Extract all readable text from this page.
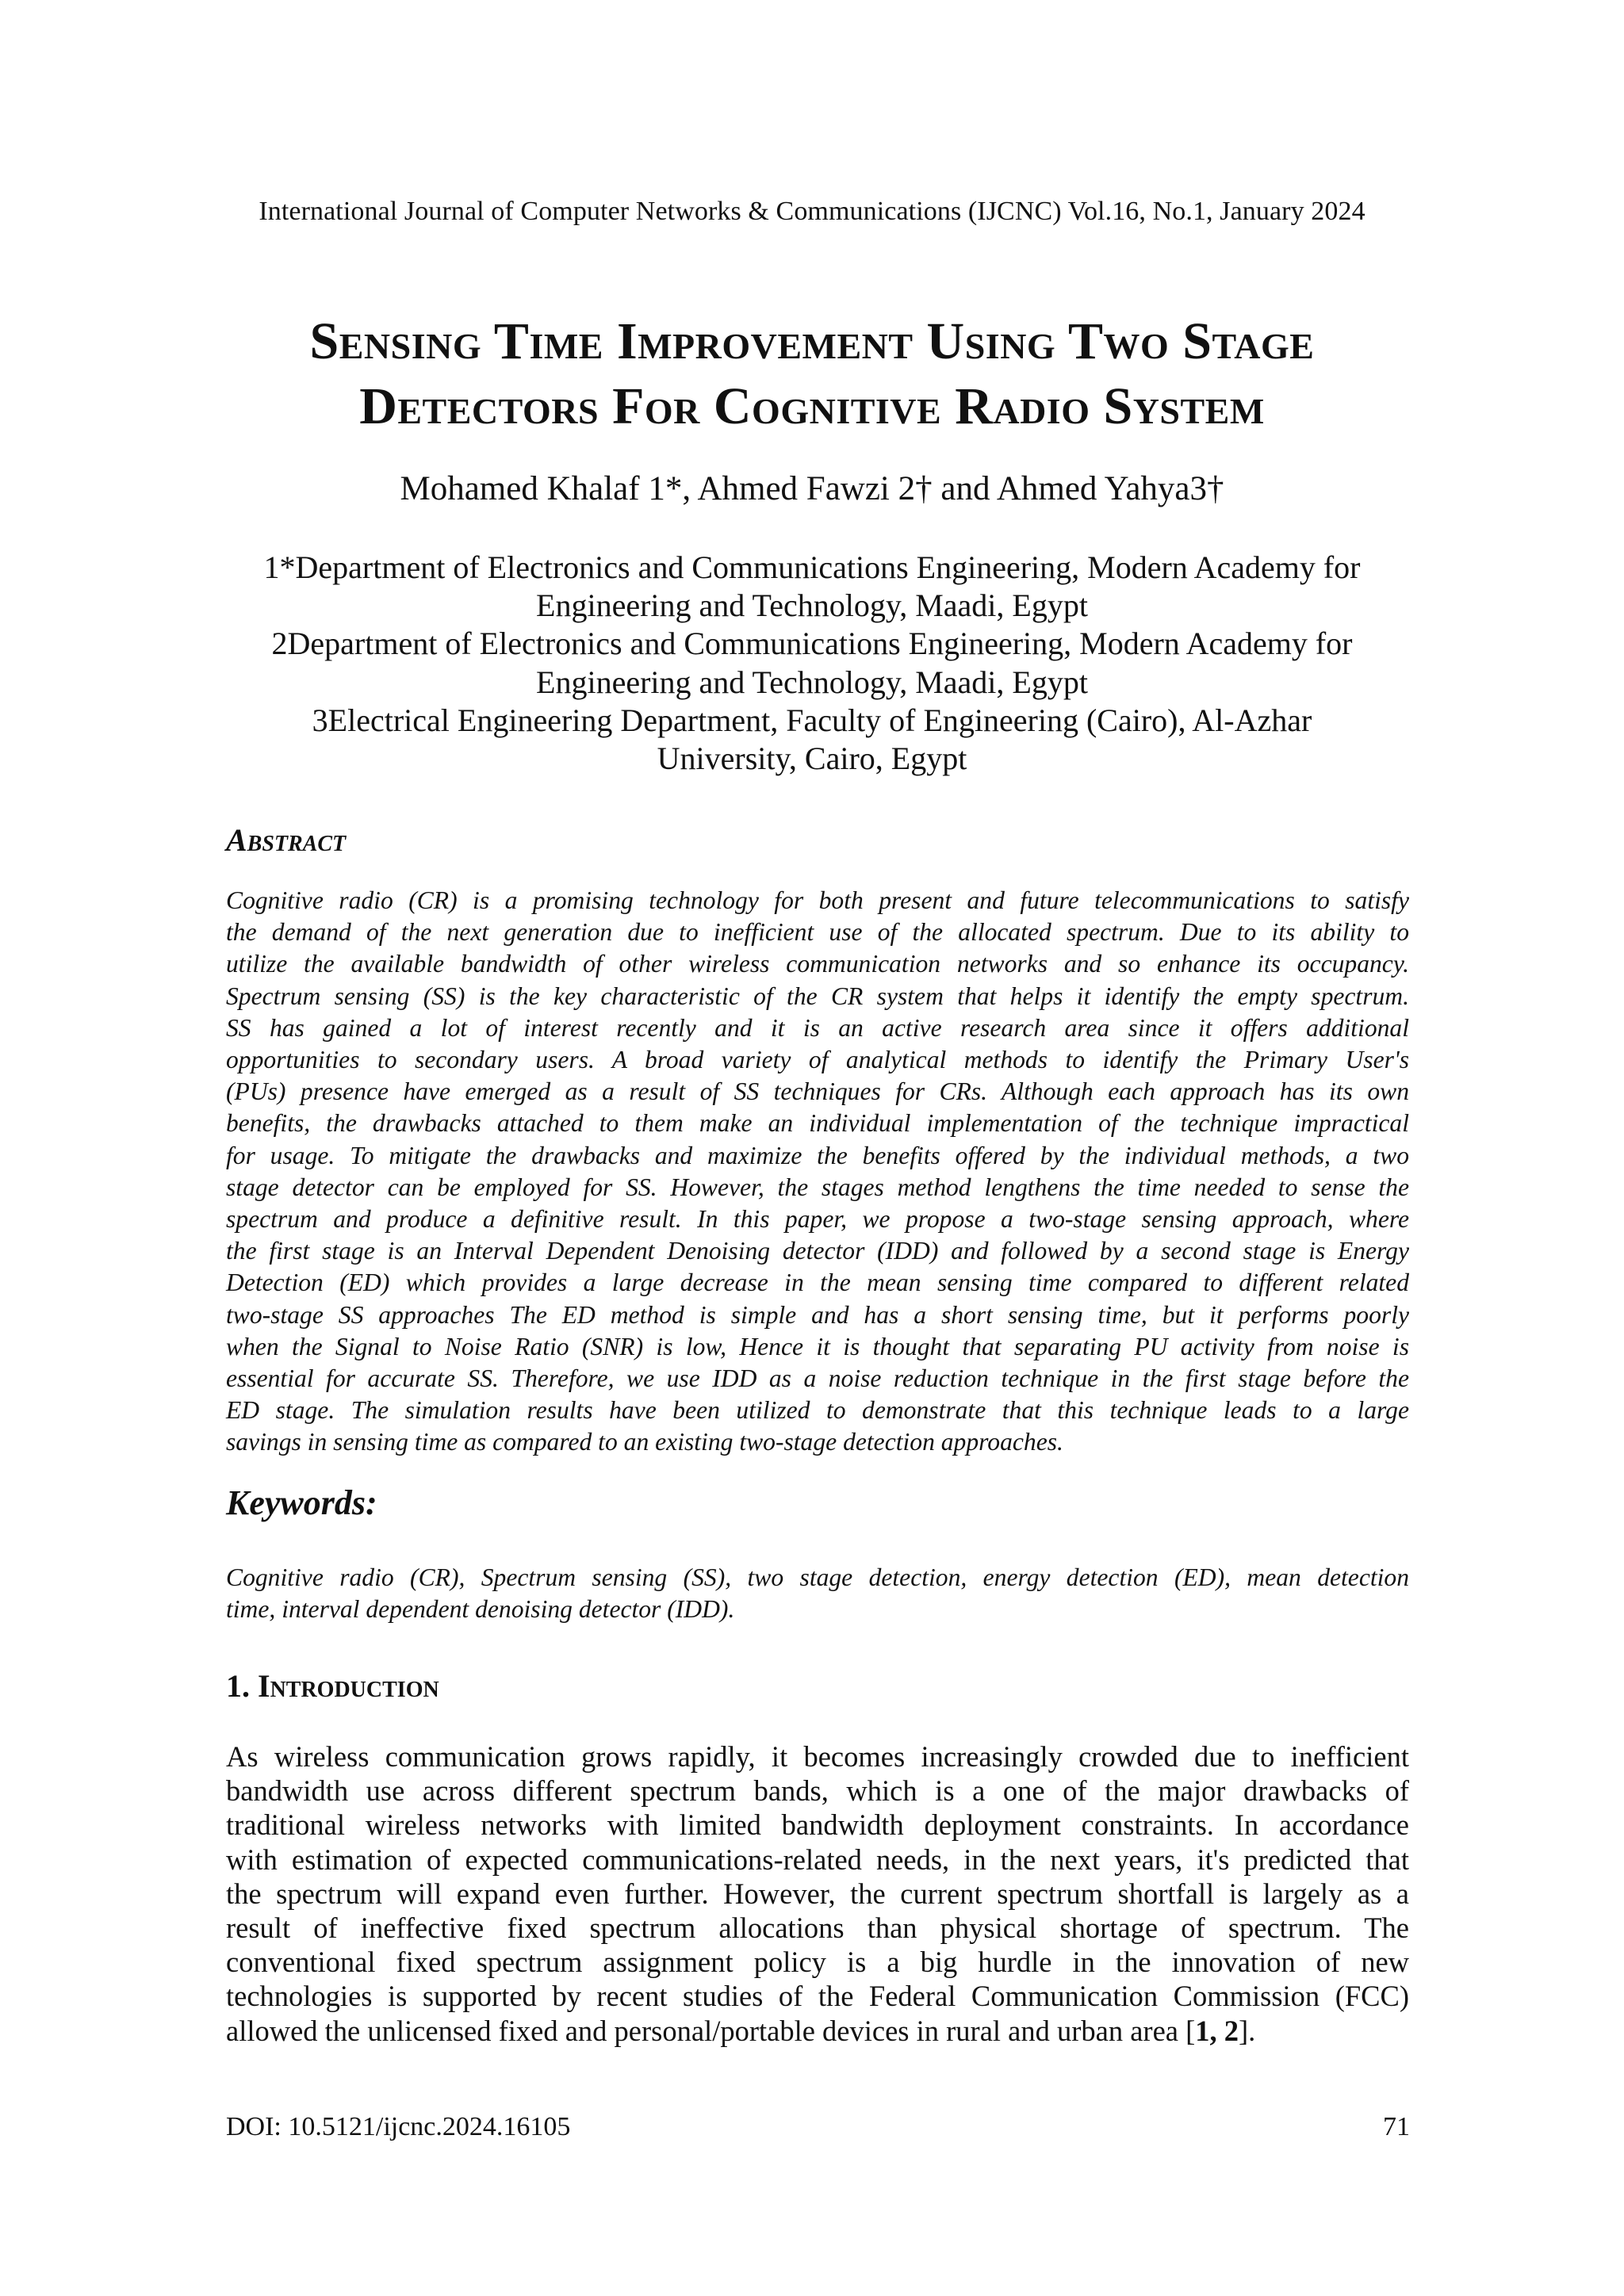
International Journal of Computer Networks & Communications (IJCNC) Vol.16, No.1, January 2024
Sensing Time Improvement Using Two Stage
Detectors For Cognitive Radio System
Mohamed Khalaf 1*, Ahmed Fawzi 2† and Ahmed Yahya3†
1*Department of Electronics and Communications Engineering, Modern Academy for
Engineering and Technology, Maadi, Egypt
2Department of Electronics and Communications Engineering, Modern Academy for
Engineering and Technology, Maadi, Egypt
3Electrical Engineering Department, Faculty of Engineering (Cairo), Al-Azhar
University, Cairo, Egypt
Abstract
Cognitive radio (CR) is a promising technology for both present and future telecommunications to satisfy
the demand of the next generation due to inefficient use of the allocated spectrum. Due to its ability to
utilize the available bandwidth of other wireless communication networks and so enhance its occupancy.
Spectrum sensing (SS) is the key characteristic of the CR system that helps it identify the empty spectrum.
SS has gained a lot of interest recently and it is an active research area since it offers additional
opportunities to secondary users. A broad variety of analytical methods to identify the Primary User's
(PUs) presence have emerged as a result of SS techniques for CRs. Although each approach has its own
benefits, the drawbacks attached to them make an individual implementation of the technique impractical
for usage. To mitigate the drawbacks and maximize the benefits offered by the individual methods, a two
stage detector can be employed for SS. However, the stages method lengthens the time needed to sense the
spectrum and produce a definitive result. In this paper, we propose a two-stage sensing approach, where
the first stage is an Interval Dependent Denoising detector (IDD) and followed by a second stage is Energy
Detection (ED) which provides a large decrease in the mean sensing time compared to different related
two-stage SS approaches The ED method is simple and has a short sensing time, but it performs poorly
when the Signal to Noise Ratio (SNR) is low, Hence it is thought that separating PU activity from noise is
essential for accurate SS. Therefore, we use IDD as a noise reduction technique in the first stage before the
ED stage. The simulation results have been utilized to demonstrate that this technique leads to a large
savings in sensing time as compared to an existing two-stage detection approaches.
Keywords:
Cognitive radio (CR), Spectrum sensing (SS), two stage detection, energy detection (ED), mean detection
time, interval dependent denoising detector (IDD).
1. Introduction
As wireless communication grows rapidly, it becomes increasingly crowded due to inefficient
bandwidth use across different spectrum bands, which is a one of the major drawbacks of
traditional wireless networks with limited bandwidth deployment constraints. In accordance
with estimation of expected communications-related needs, in the next years, it's predicted that
the spectrum will expand even further. However, the current spectrum shortfall is largely as a
result of ineffective fixed spectrum allocations than physical shortage of spectrum. The
conventional fixed spectrum assignment policy is a big hurdle in the innovation of new
technologies is supported by recent studies of the Federal Communication Commission (FCC)
allowed the unlicensed fixed and personal/portable devices in rural and urban area [1, 2].
DOI: 10.5121/ijcnc.2024.16105	71
